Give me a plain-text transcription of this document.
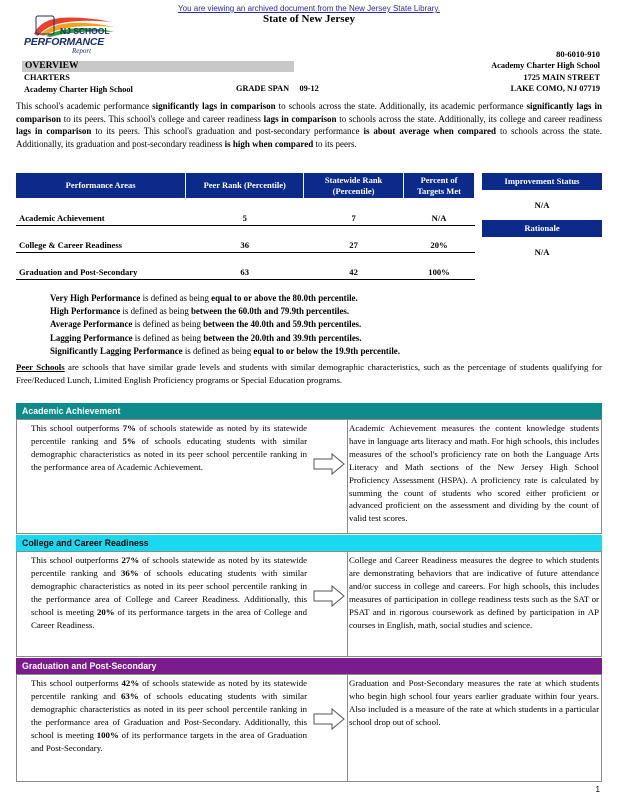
You are viewing an archived document from the New Jersey State Library.
State of New Jersey
NJ SCHOOL
PERFORMANCE
Report	80-6010-910
Academy Charter High School
1725 MAIN STREET
LAKE COMO, NJ 07719
OVERVIEW
CHARTERS
Academy Charter High School	GRADE SPAN 09-12
This school's academic performance significantly lags in comparison to schools across the state. Additionally, its academic performance significantly lags in comparison to its peers. This school's college and career readiness lags in comparison to schools across the state. Additionally, its college and career readiness lags in comparison to its peers. This school's graduation and post-secondary performance is about average when compared to schools across the state. Additionally, its graduation and post-secondary readiness is high when compared to its peers.
Performance Areas	Peer Rank (Percentile)	Statewide Rank (Percentile)	Percent of Targets Met
Academic Achievement	5	7	N/A
College & Career Readiness	36	27	20%
Graduation and Post-Secondary	63	42	100%
Improvement Status
N/A
Rationale
N/A
Very High Performance is defined as being equal to or above the 80.0th percentile.
High Performance is defined as being between the 60.0th and 79.9th percentiles.
Average Performance is defined as being between the 40.0th and 59.9th percentiles.
Lagging Performance is defined as being between the 20.0th and 39.9th percentiles.
Significantly Lagging Performance is defined as being equal to or below the 19.9th percentile.
Peer Schools are schools that have similar grade levels and students with similar demographic characteristics, such as the percentage of students qualifying for Free/Reduced Lunch, Limited English Proficiency programs or Special Education programs.
Academic Achievement
This school outperforms 7% of schools statewide as noted by its statewide percentile ranking and 5% of schools educating students with similar demographic characteristics as noted in its peer school percentile ranking in the performance area of Academic Achievement.
Academic Achievement measures the content knowledge students have in language arts literacy and math. For high schools, this includes measures of the school's proficiency rate on both the Language Arts Literacy and Math sections of the New Jersey High School Proficiency Assessment (HSPA). A proficiency rate is calculated by summing the count of students who scored either proficient or advanced proficient on the assessment and dividing by the count of valid test scores.
College and Career Readiness
This school outperforms 27% of schools statewide as noted by its statewide percentile ranking and 36% of schools educating students with similar demographic characteristics as noted in its peer school percentile ranking in the performance area of College and Career Readiness. Additionally, this school is meeting 20% of its performance targets in the area of College and Career Readiness.
College and Career Readiness measures the degree to which students are demonstrating behaviors that are indicative of future attendance and/or success in college and careers. For high schools, this includes measures of participation in college readiness tests such as the SAT or PSAT and in rigorous coursework as defined by participation in AP courses in English, math, social studies and science.
Graduation and Post-Secondary
This school outperforms 42% of schools statewide as noted by its statewide percentile ranking and 63% of schools educating students with similar demographic characteristics as noted in its peer school percentile ranking in the performance area of Graduation and Post-Secondary. Additionally, this school is meeting 100% of its performance targets in the area of Graduation and Post-Secondary.
Graduation and Post-Secondary measures the rate at which students who begin high school four years earlier graduate within four years. Also included is a measure of the rate at which students in a particular school drop out of school.
1
